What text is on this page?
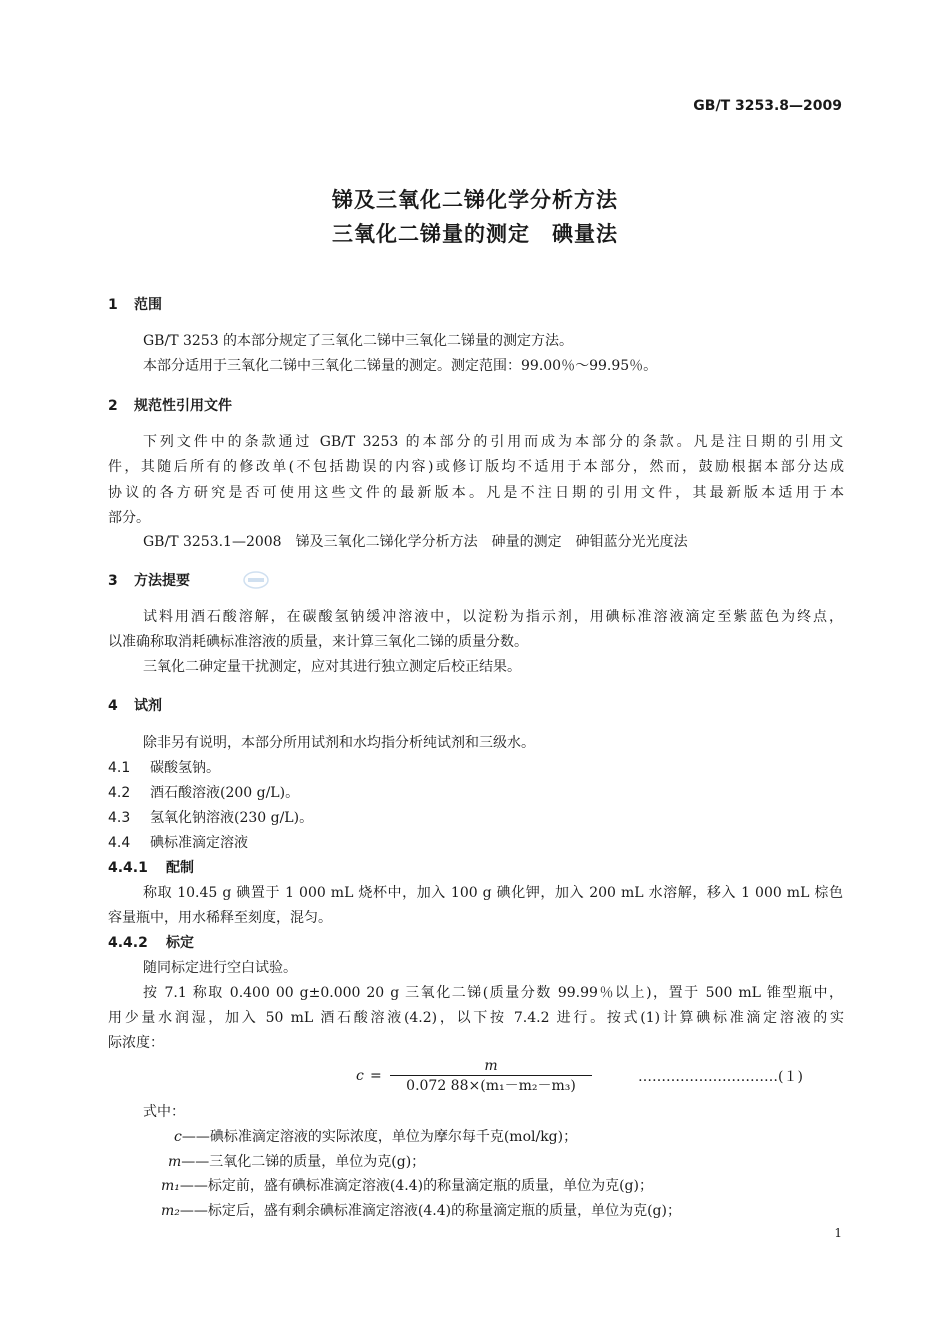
GB/T 3253.8—2009
锑及三氧化二锑化学分析方法
三氧化二锑量的测定　碘量法
1 范围
GB/T 3253 的本部分规定了三氧化二锑中三氧化二锑量的测定方法。
本部分适用于三氧化二锑中三氧化二锑量的测定。测定范围：99.00％～99.95％。
2 规范性引用文件
下列文件中的条款通过 GB/T 3253 的本部分的引用而成为本部分的条款。凡是注日期的引用文
件，其随后所有的修改单(不包括勘误的内容)或修订版均不适用于本部分，然而，鼓励根据本部分达成
协议的各方研究是否可使用这些文件的最新版本。凡是不注日期的引用文件，其最新版本适用于本
部分。
GB/T 3253.1—2008　锑及三氧化二锑化学分析方法　砷量的测定　砷钼蓝分光光度法
3 方法提要
试料用酒石酸溶解，在碳酸氢钠缓冲溶液中，以淀粉为指示剂，用碘标准溶液滴定至紫蓝色为终点，
以准确称取消耗碘标准溶液的质量，来计算三氧化二锑的质量分数。
三氧化二砷定量干扰测定，应对其进行独立测定后校正结果。
4 试剂
除非另有说明，本部分所用试剂和水均指分析纯试剂和三级水。
4.1 碳酸氢钠。
4.2 酒石酸溶液(200 g/L)。
4.3 氢氧化钠溶液(230 g/L)。
4.4 碘标准滴定溶液
4.4.1 配制
称取 10.45 g 碘置于 1 000 mL 烧杯中，加入 100 g 碘化钾，加入 200 mL 水溶解，移入 1 000 mL 棕色
容量瓶中，用水稀释至刻度，混匀。
4.4.2 标定
随同标定进行空白试验。
按 7.1 称取 0.400 00 g±0.000 20 g 三氧化二锑(质量分数 99.99％以上)，置于 500 mL 锥型瓶中，
用少量水润湿，加入 50 mL 酒石酸溶液(4.2)，以下按 7.4.2 进行。按式(1)计算碘标准滴定溶液的实
际浓度：
c =
m
0.072 88×(m₁－m₂－m₃)
…………………………(１)
式中：
c——碘标准滴定溶液的实际浓度，单位为摩尔每千克(mol/kg)；
m——三氧化二锑的质量，单位为克(g)；
m₁——标定前，盛有碘标准滴定溶液(4.4)的称量滴定瓶的质量，单位为克(g)；
m₂——标定后，盛有剩余碘标准滴定溶液(4.4)的称量滴定瓶的质量，单位为克(g)；
1
